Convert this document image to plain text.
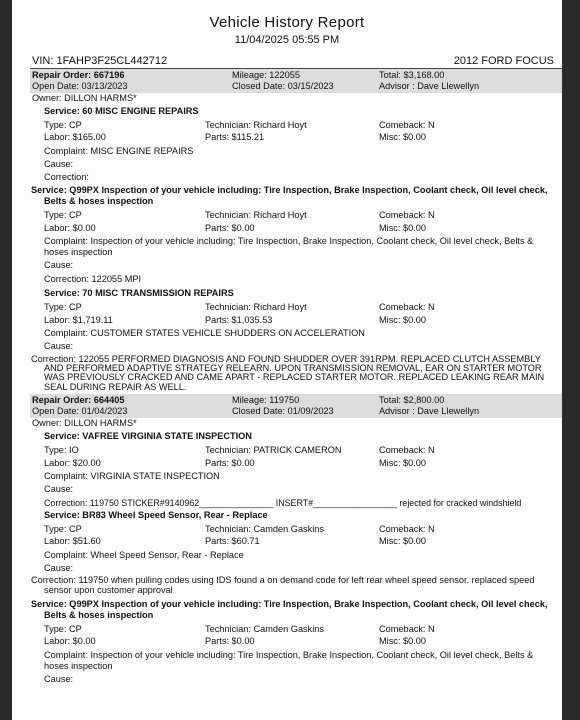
Vehicle History Report
11/04/2025 05:55 PM
VIN: 1FAHP3F25CL442712	2012 FORD FOCUS
Repair Order: 667196	Mileage: 122055	Total: $3,168.00
Open Date: 03/13/2023	Closed Date: 03/15/2023	Advisor : Dave Llewellyn
Owner: DILLON HARMS*
Service: 60 MISC ENGINE REPAIRS
Type: CP	Technician: Richard Hoyt	Comeback: N
Labor: $165.00	Parts: $115.21	Misc: $0.00
Complaint: MISC ENGINE REPAIRS
Cause:
Correction:
Service: Q99PX Inspection of your vehicle including: Tire Inspection, Brake Inspection, Coolant check, Oil level check, Belts & hoses inspection
Type: CP	Technician: Richard Hoyt	Comeback: N
Labor: $0.00	Parts: $0.00	Misc: $0.00
Complaint: Inspection of your vehicle including: Tire Inspection, Brake Inspection, Coolant check, Oil level check, Belts & hoses inspection
Cause:
Correction: 122055 MPI
Service: 70 MISC TRANSMISSION REPAIRS
Type: CP	Technician: Richard Hoyt	Comeback: N
Labor: $1,719.11	Parts: $1,035.53	Misc: $0.00
Complaint: CUSTOMER STATES VEHICLE SHUDDERS ON ACCELERATION
Cause:
Correction: 122055 PERFORMED DIAGNOSIS AND FOUND SHUDDER OVER 391RPM. REPLACED CLUTCH ASSEMBLY AND PERFORMED ADAPTIVE STRATEGY RELEARN. UPON TRANSMISSION REMOVAL, EAR ON STARTER MOTOR WAS PREVIOUSLY CRACKED AND CAME APART - REPLACED STARTER MOTOR. REPLACED LEAKING REAR MAIN SEAL DURING REPAIR AS WELL.
Repair Order: 664405	Mileage: 119750	Total: $2,800.00
Open Date: 01/04/2023	Closed Date: 01/09/2023	Advisor : Dave Llewellyn
Owner: DILLON HARMS*
Service: VAFREE VIRGINIA STATE INSPECTION
Type: IO	Technician: PATRICK CAMERON	Comeback: N
Labor: $20.00	Parts: $0.00	Misc: $0.00
Complaint: VIRGINIA STATE INSPECTION
Cause:
Correction: 119750 STICKER#9140962_______________ INSERT#_________________ rejected for cracked windshield
Service: BR83 Wheel Speed Sensor, Rear - Replace
Type: CP	Technician: Camden Gaskins	Comeback: N
Labor: $51.60	Parts: $60.71	Misc: $0.00
Complaint: Wheel Speed Sensor, Rear - Replace
Cause:
Correction: 119750 when pulling codes using IDS found a on demand code for left rear wheel speed sensor. replaced speed sensor upon customer approval
Service: Q99PX Inspection of your vehicle including: Tire Inspection, Brake Inspection, Coolant check, Oil level check, Belts & hoses inspection
Type: CP	Technician: Camden Gaskins	Comeback: N
Labor: $0.00	Parts: $0.00	Misc: $0.00
Complaint: Inspection of your vehicle including: Tire Inspection, Brake Inspection, Coolant check, Oil level check, Belts & hoses inspection
Cause:
